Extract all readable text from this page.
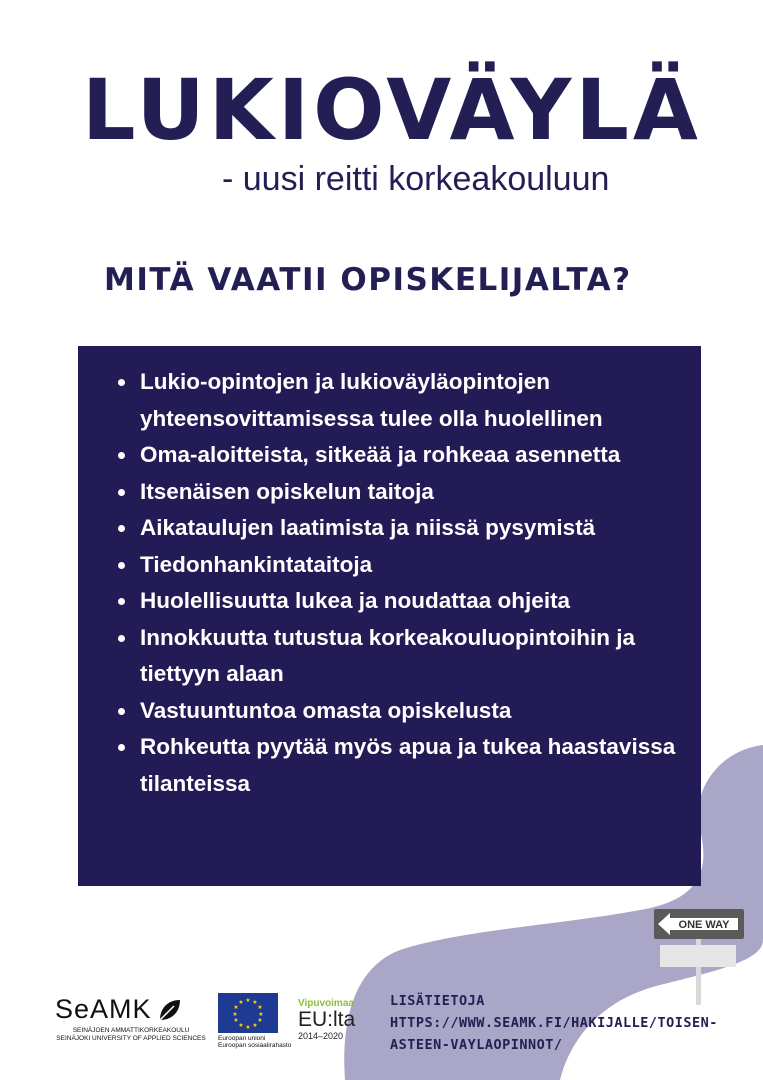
ONE WAY
LUKIOVÄYLÄ

- uusi reitti korkeakouluun

MITÄ VAATII OPISKELIJALTA?
• Lukio-opintojen ja lukioväyläopintojen yhteensovittamisessa tulee olla huolellinen
• Oma-aloitteista, sitkeää ja rohkeaa asennetta
• Itsenäisen opiskelun taitoja
• Aikataulujen laatimista ja niissä pysymistä
• Tiedonhankintataitoja
• Huolellisuutta lukea ja noudattaa ohjeita
• Innokkuutta tutustua korkeakouluopintoihin ja tiettyyn alaan
• Vastuuntuntoa omasta opiskelusta
• Rohkeutta pyytää myös apua ja tukea haastavissa tilanteissa
SeAMK
SEINÄJOEN AMMATTIKORKEAKOULU
SEINÄJOKI UNIVERSITY OF APPLIED SCIENCES
★ ★
★
★
★
★
★
★
★
★
★
★
Euroopan unioni
Euroopan sosiaalirahasto
Vipuvoimaa
EU:lta
2014–2020
LISÄTIETOJA
HTTPS://WWW.SEAMK.FI/HAKIJALLE/TOISEN-
ASTEEN-VAYLAOPINNOT/
